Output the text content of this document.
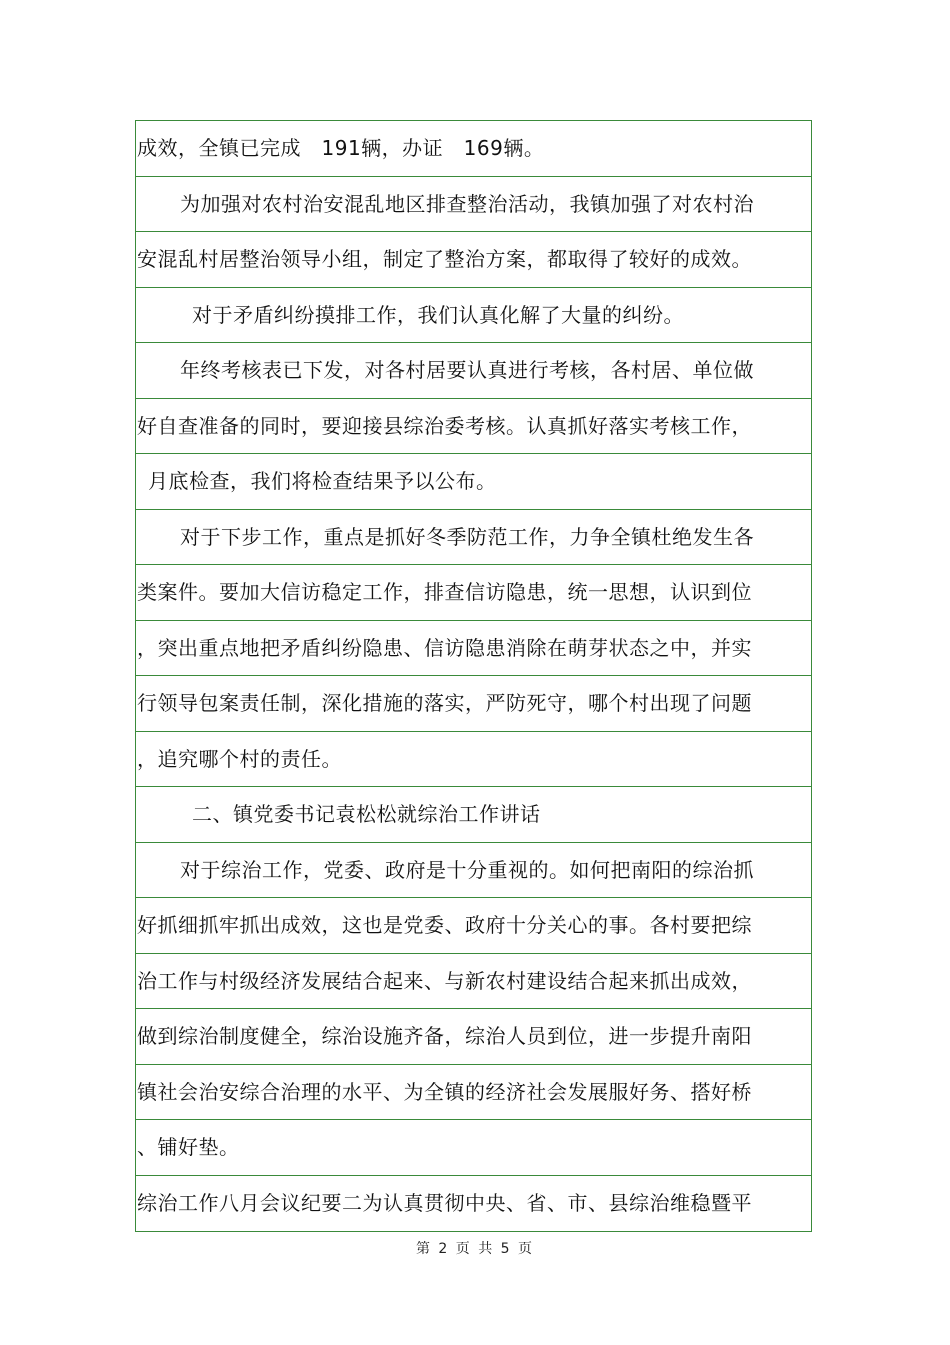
成效，全镇已完成　191辆，办证　169辆。
为加强对农村治安混乱地区排查整治活动，我镇加强了对农村治
安混乱村居整治领导小组，制定了整治方案，都取得了较好的成效。
对于矛盾纠纷摸排工作，我们认真化解了大量的纠纷。
年终考核表已下发，对各村居要认真进行考核，各村居、单位做
好自查准备的同时，要迎接县综治委考核。认真抓好落实考核工作，
月底检查，我们将检查结果予以公布。
对于下步工作，重点是抓好冬季防范工作，力争全镇杜绝发生各
类案件。要加大信访稳定工作，排查信访隐患，统一思想，认识到位
，突出重点地把矛盾纠纷隐患、信访隐患消除在萌芽状态之中，并实
行领导包案责任制，深化措施的落实，严防死守，哪个村出现了问题
，追究哪个村的责任。
二、镇党委书记袁松松就综治工作讲话
对于综治工作，党委、政府是十分重视的。如何把南阳的综治抓
好抓细抓牢抓出成效，这也是党委、政府十分关心的事。各村要把综
治工作与村级经济发展结合起来、与新农村建设结合起来抓出成效，
做到综治制度健全，综治设施齐备，综治人员到位，进一步提升南阳
镇社会治安综合治理的水平、为全镇的经济社会发展服好务、搭好桥
、铺好垫。
综治工作八月会议纪要二为认真贯彻中央、省、市、县综治维稳暨平
第 2 页 共 5 页
